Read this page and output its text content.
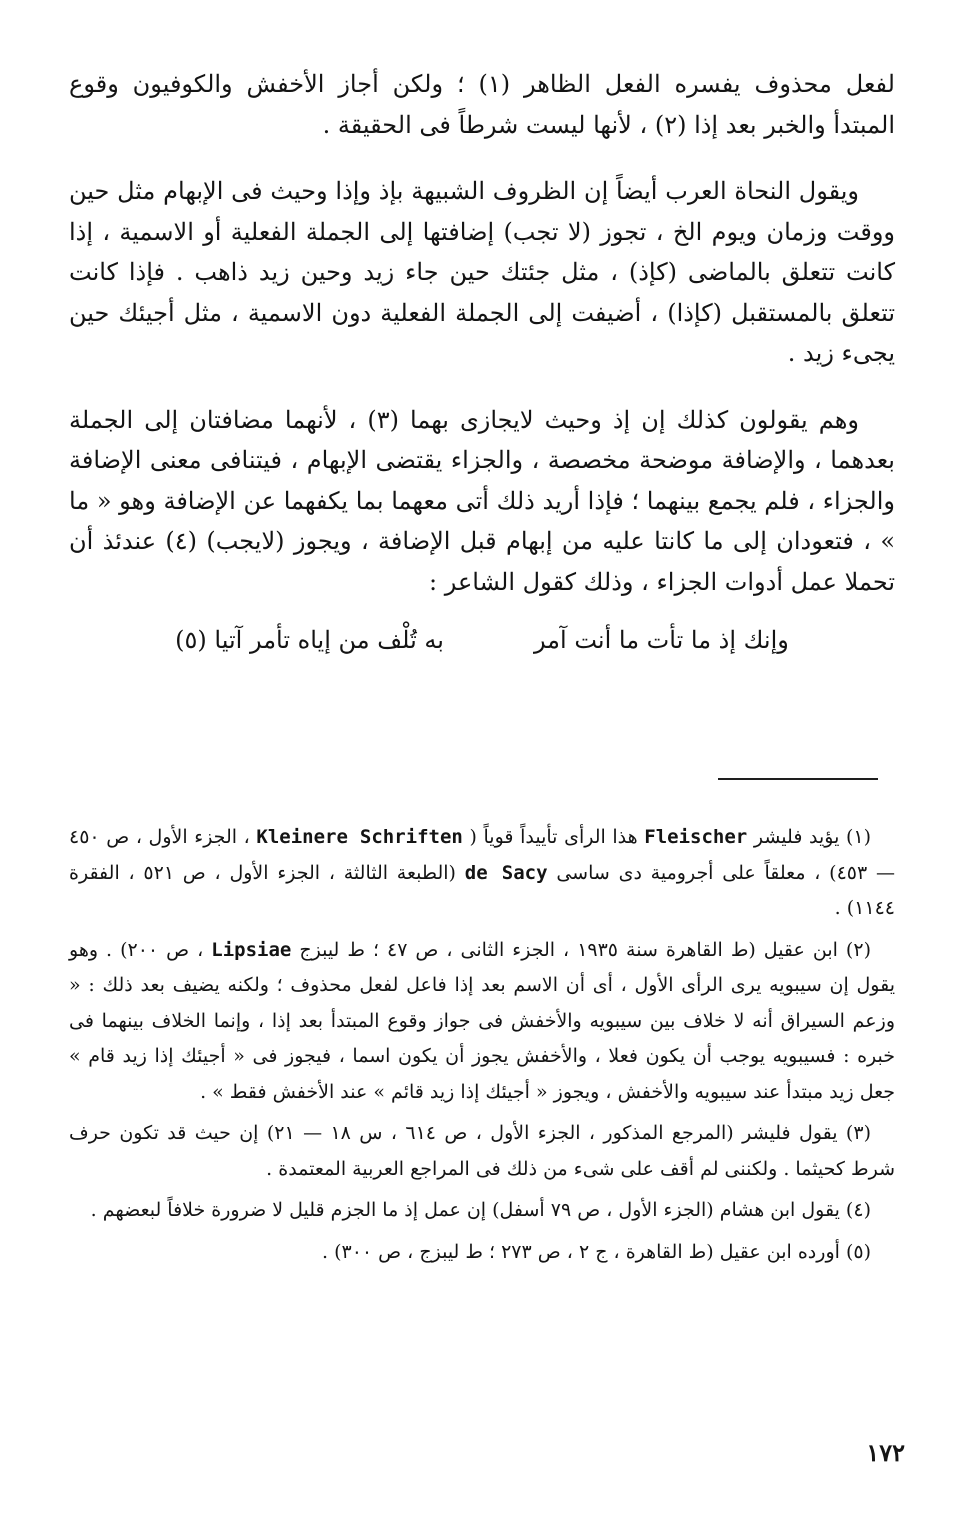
لفعل محذوف يفسره الفعل الظاهر (١) ؛ ولكن أجاز الأخفش والكوفيون وقوع المبتدأ والخبر بعد إذا (٢) ، لأنها ليست شرطاً فى الحقيقة .

ويقول النحاة العرب أيضاً إن الظروف الشبيهة بإذ وإذا وحيث فى الإبهام مثل حين ووقت وزمان ويوم الخ ، تجوز (لا تجب) إضافتها إلى الجملة الفعلية أو الاسمية ، إذا كانت تتعلق بالماضى (كإذ) ، مثل جئتك حين جاء زيد وحين زيد ذاهب . فإذا كانت تتعلق بالمستقبل (كإذا) ، أضيفت إلى الجملة الفعلية دون الاسمية ، مثل أجيئك حين يجىء زيد .

وهم يقولون كذلك إن إذ وحيث لايجازى بهما (٣) ، لأنهما مضافتان إلى الجملة بعدهما ، والإضافة موضحة مخصصة ، والجزاء يقتضى الإبهام ، فيتنافى معنى الإضافة والجزاء ، فلم يجمع بينهما ؛ فإذا أريد ذلك أتى معهما بما يكفهما عن الإضافة وهو « ما » ، فتعودان إلى ما كانتا عليه من إبهام قبل الإضافة ، ويجوز (لايجب) (٤) عندئذ أن تحملا عمل أدوات الجزاء ، وذلك كقول الشاعر :

وإنك إذ ما تأت ما أنت آمر
به تُلْف من إياه تأمر آتيا (٥)

(١) يؤيد فليشر Fleischer هذا الرأى تأييداً قوياً ( Kleinere Schriften ، الجزء الأول ، ص ٤٥٠ — ٤٥٣) ، معلقاً على أجرومية دى ساسى de Sacy (الطبعة الثالثة ، الجزء الأول ، ص ٥٢١ ، الفقرة ١١٤٤) .

(٢) ابن عقيل (ط القاهرة سنة ١٩٣٥ ، الجزء الثانى ، ص ٤٧ ؛ ط ليبزج Lipsiae ، ص ٢٠٠) . وهو يقول إن سيبويه يرى الرأى الأول ، أى أن الاسم بعد إذا فاعل لفعل محذوف ؛ ولكنه يضيف بعد ذلك : « وزعم السيراق أنه لا خلاف بين سيبويه والأخفش فى جواز وقوع المبتدأ بعد إذا ، وإنما الخلاف بينهما فى خبره : فسيبويه يوجب أن يكون فعلا ، والأخفش يجوز أن يكون اسما ، فيجوز فى « أجيئك إذا زيد قام » جعل زيد مبتدأ عند سيبويه والأخفش ، ويجوز « أجيئك إذا زيد قائم » عند الأخفش فقط » .

(٣) يقول فليشر (المرجع المذكور ، الجزء الأول ، ص ٦١٤ ، س ١٨ — ٢١) إن حيث قد تكون حرف شرط كحيثما . ولكننى لم أقف على شىء من ذلك فى المراجع العربية المعتمدة .

(٤) يقول ابن هشام (الجزء الأول ، ص ٧٩ أسفل) إن عمل إذ ما الجزم قليل لا ضرورة خلافاً لبعضهم .

(٥) أورده ابن عقيل (ط القاهرة ، ج ٢ ، ص ٢٧٣ ؛ ط ليبزج ، ص ٣٠٠) .

١٧٢
